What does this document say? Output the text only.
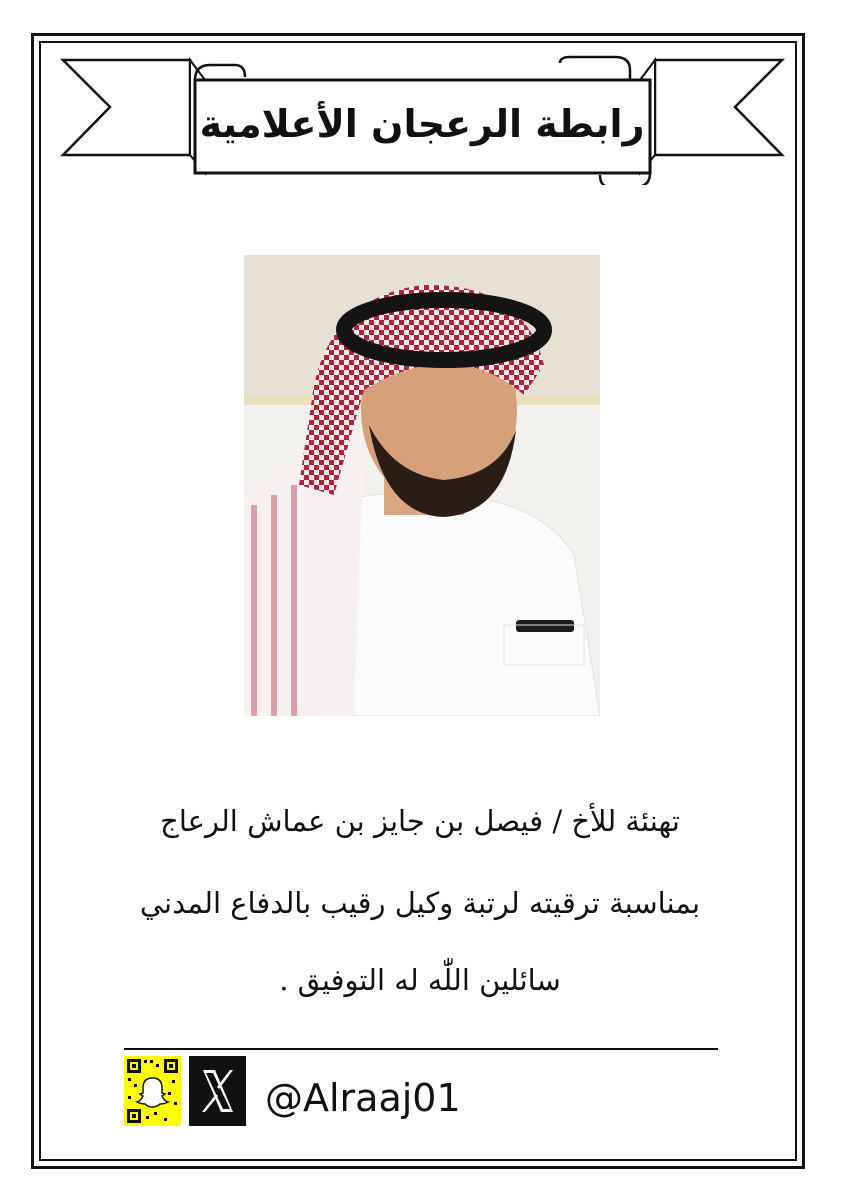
رابطة الرعجان الأعلامية
تهنئة للأخ / فيصل بن جايز بن عماش الرعاج
بمناسبة ترقيته لرتبة وكيل رقيب بالدفاع المدني
سائلين اللّٰه له التوفيق .
@Alraaj01
